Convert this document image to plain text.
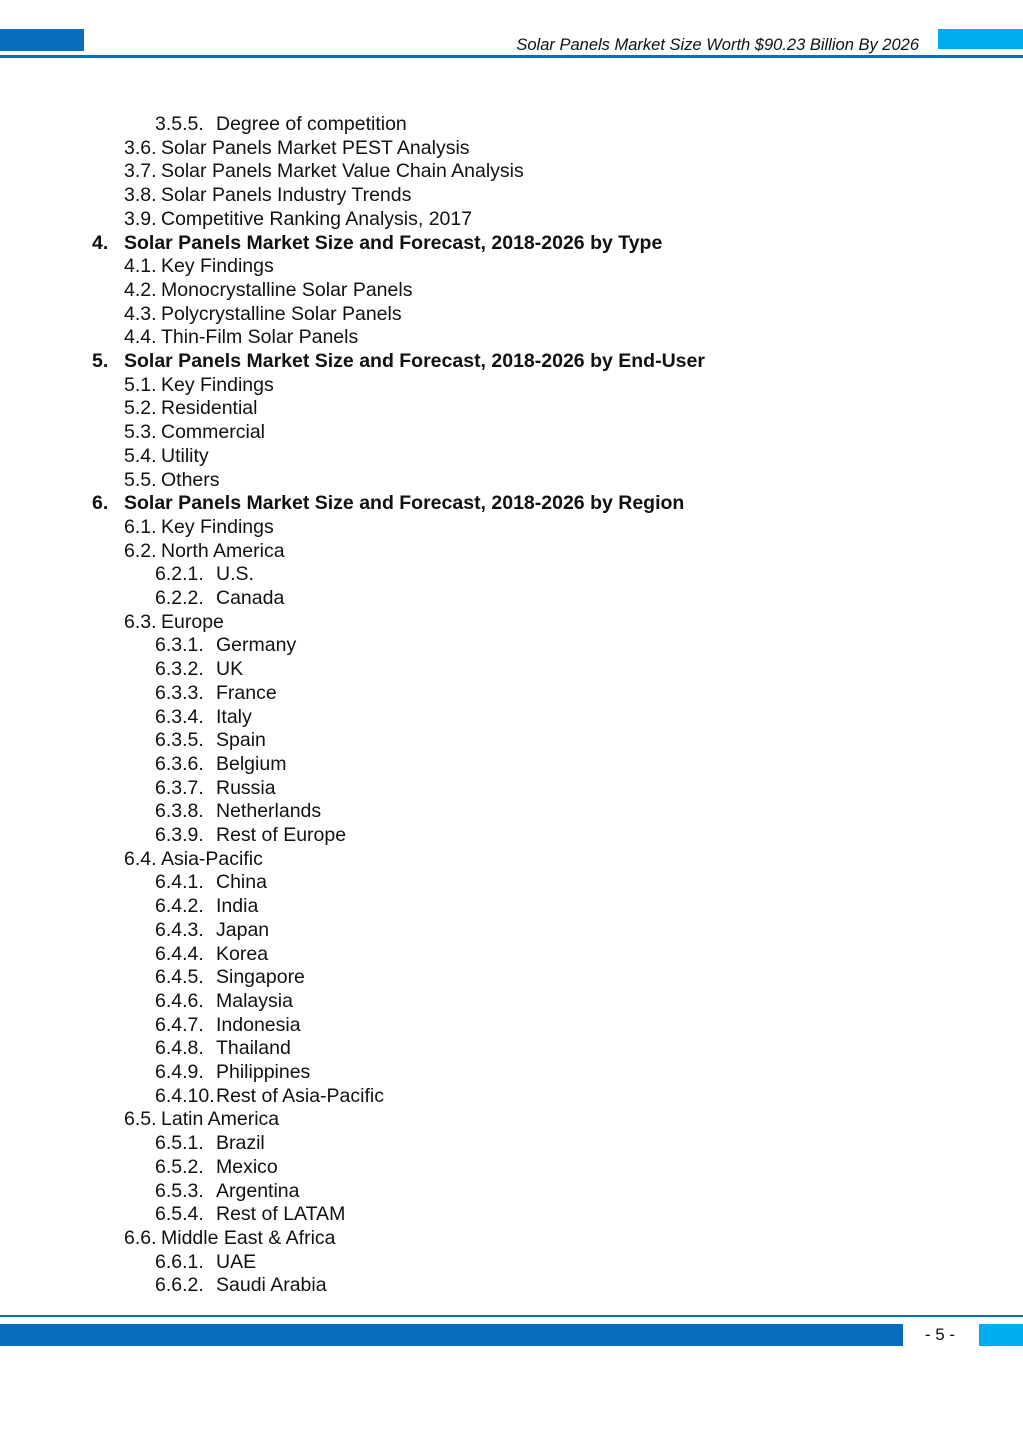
Solar Panels Market Size Worth $90.23 Billion By 2026
3.5.5. Degree of competition
3.6. Solar Panels Market PEST Analysis
3.7. Solar Panels Market Value Chain Analysis
3.8. Solar Panels Industry Trends
3.9. Competitive Ranking Analysis, 2017
4. Solar Panels Market Size and Forecast, 2018-2026 by Type
4.1. Key Findings
4.2. Monocrystalline Solar Panels
4.3. Polycrystalline Solar Panels
4.4. Thin-Film Solar Panels
5. Solar Panels Market Size and Forecast, 2018-2026 by End-User
5.1. Key Findings
5.2. Residential
5.3. Commercial
5.4. Utility
5.5. Others
6. Solar Panels Market Size and Forecast, 2018-2026 by Region
6.1. Key Findings
6.2. North America
6.2.1. U.S.
6.2.2. Canada
6.3. Europe
6.3.1. Germany
6.3.2. UK
6.3.3. France
6.3.4. Italy
6.3.5. Spain
6.3.6. Belgium
6.3.7. Russia
6.3.8. Netherlands
6.3.9. Rest of Europe
6.4. Asia-Pacific
6.4.1. China
6.4.2. India
6.4.3. Japan
6.4.4. Korea
6.4.5. Singapore
6.4.6. Malaysia
6.4.7. Indonesia
6.4.8. Thailand
6.4.9. Philippines
6.4.10.Rest of Asia-Pacific
6.5. Latin America
6.5.1. Brazil
6.5.2. Mexico
6.5.3. Argentina
6.5.4. Rest of LATAM
6.6. Middle East & Africa
6.6.1. UAE
6.6.2. Saudi Arabia
- 5 -
